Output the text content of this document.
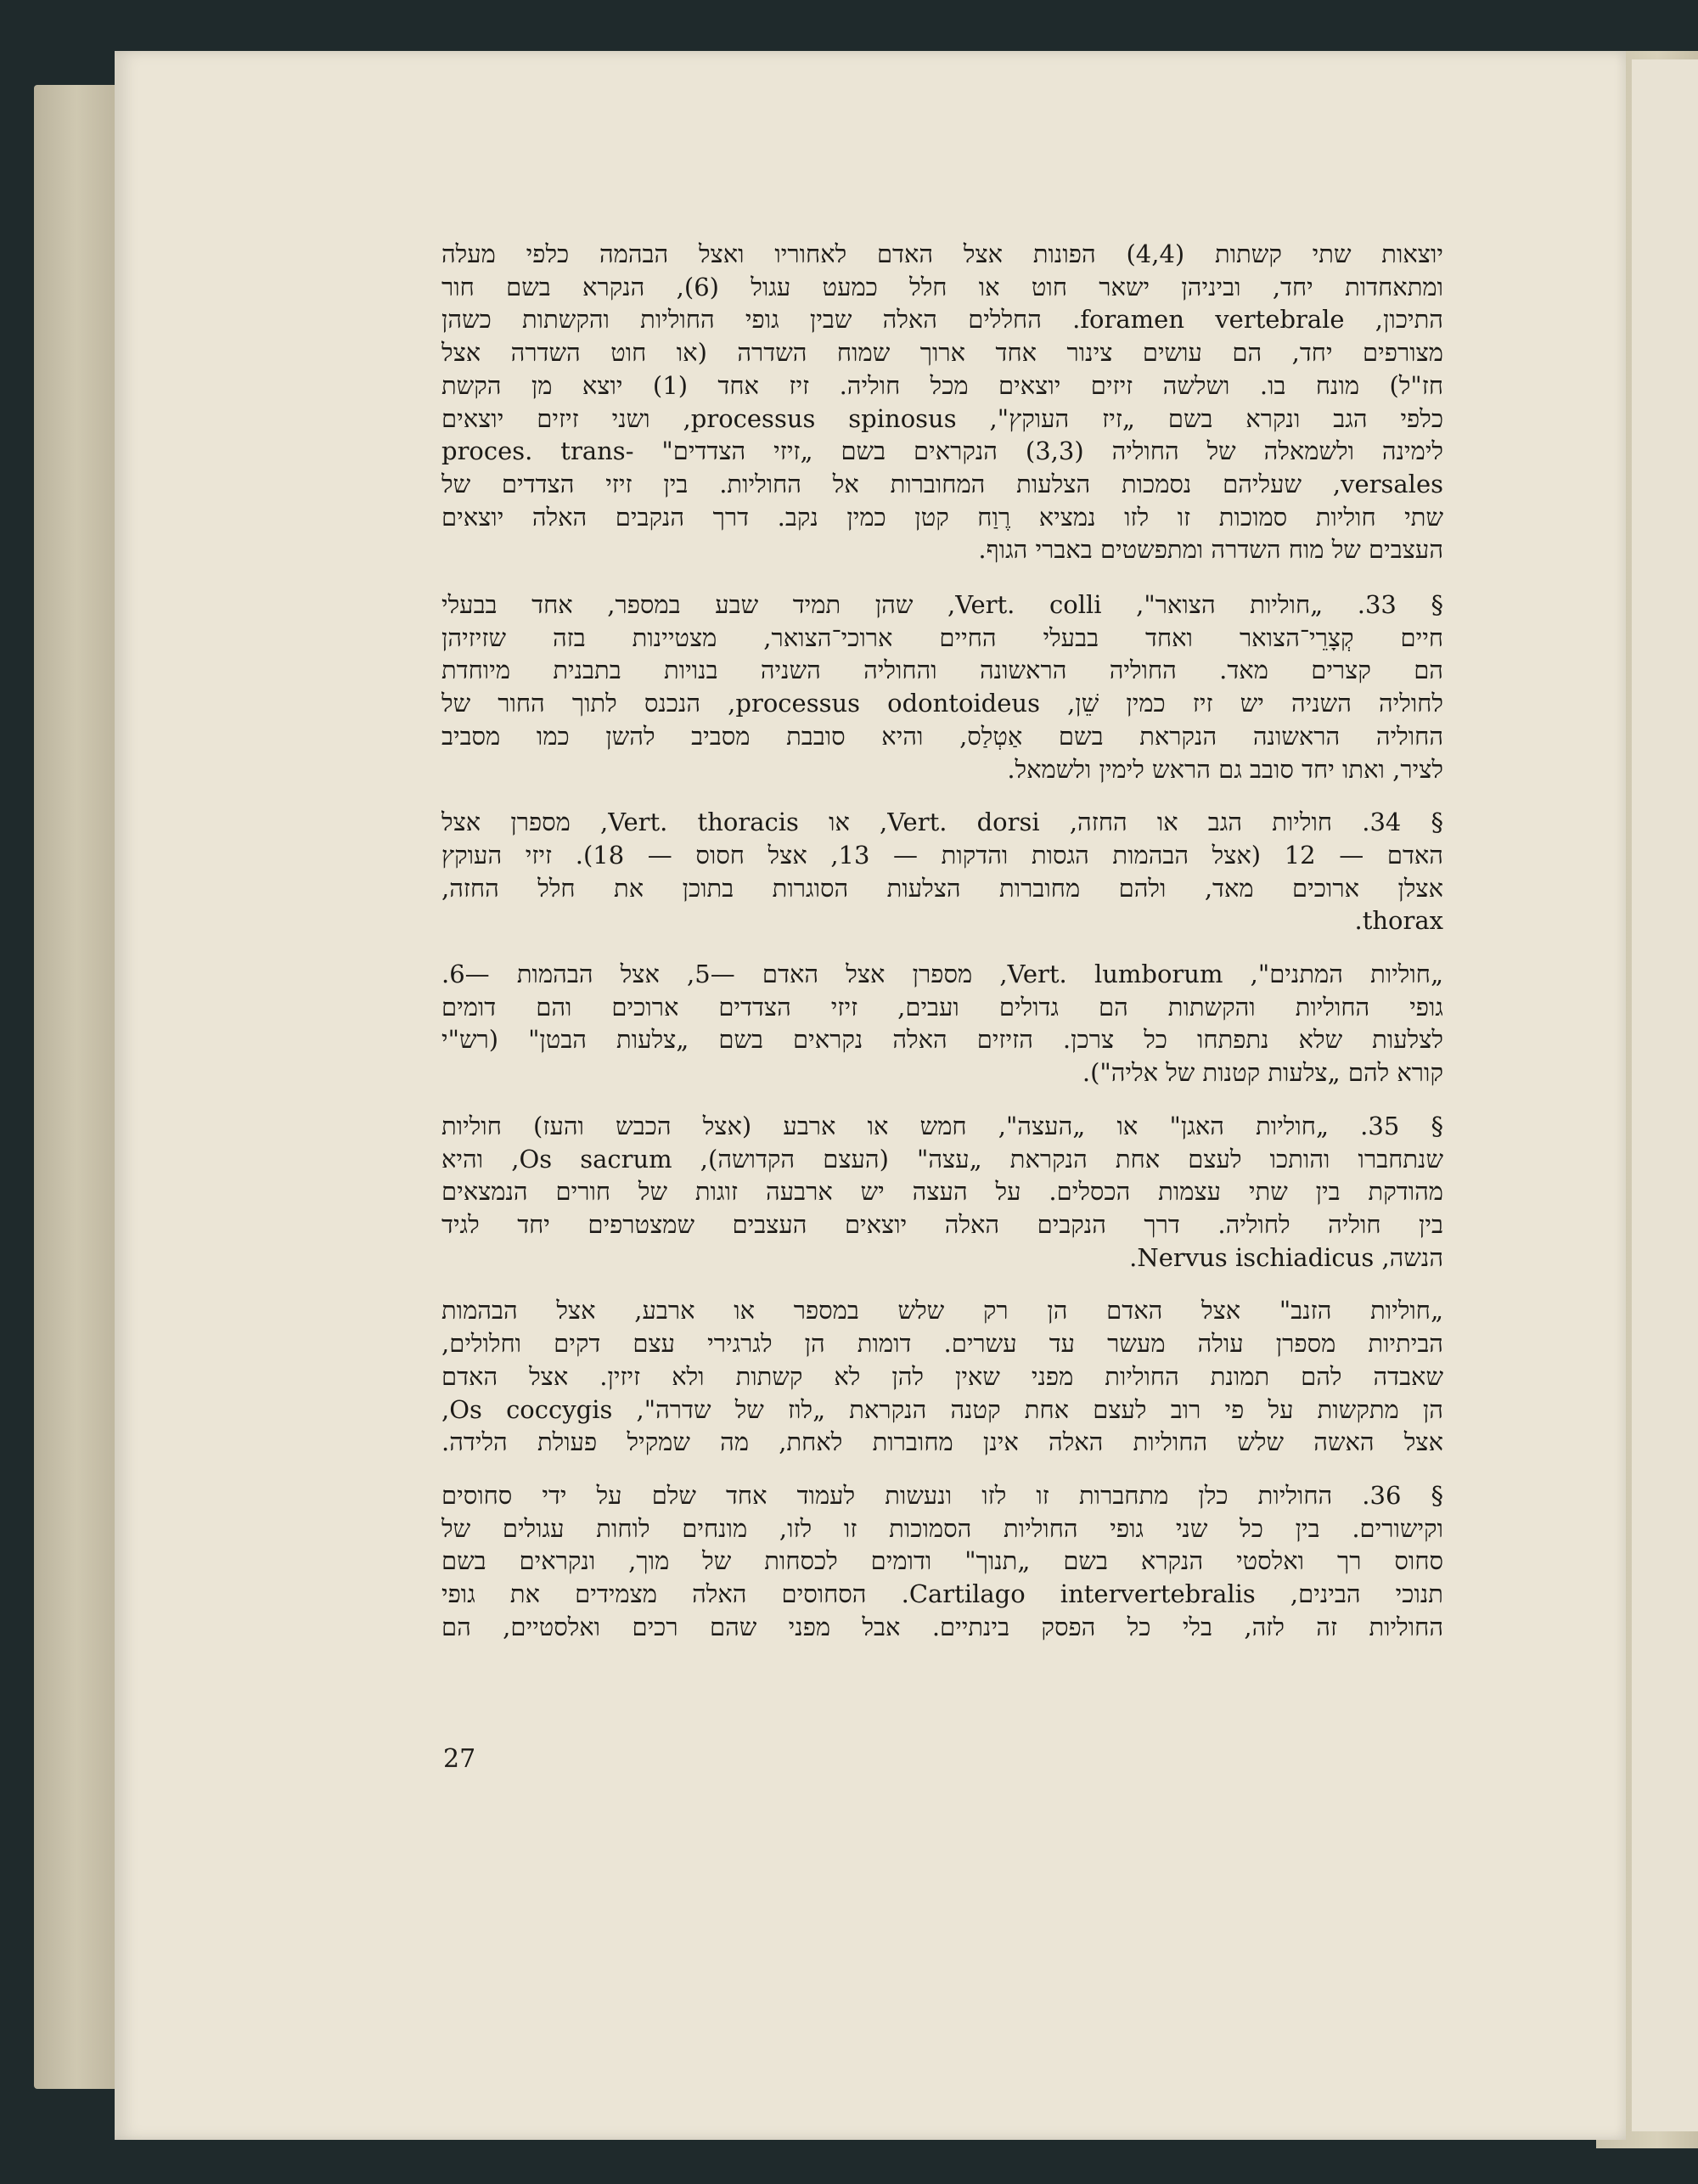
יוצאות שתי קשתות (4,4) הפונות אצל האדם לאחוריו ואצל הבהמה כלפי מעלה
ומתאחדות יחד, וביניהן ישאר חוט או חלל כמעט עגול (6), הנקרא בשם חור
התיכון, foramen vertebrale. החללים האלה שבין גופי החוליות והקשתות כשהן
מצורפים יחד, הם עושים צינור אחד ארוך שמוח השדרה (או חוט השדרה אצל
חז"ל) מונח בו. ושלשה זיזים יוצאים מכל חוליה. זיז אחד (1) יוצא מן הקשת
כלפי הגב ונקרא בשם „זיז העוקץ", processus spinosus, ושני זיזים יוצאים
לימינה ולשמאלה של החוליה (3,3) הנקראים בשם „זיזי הצדדים" -proces. trans
versales, שעליהם נסמכות הצלעות המחוברות אל החוליות. בין זיזי הצדדים של
שתי חוליות סמוכות זו לזו נמציא רֶוַח קטן כמין נקב. דרך הנקבים האלה יוצאים
העצבים של מוח השדרה ומתפשטים באברי הגוף.

§ 33. „חוליות הצואר", Vert. colli, שהן תמיד שבע במספר, אחד בבעלי
חיים קְצָרֵי־הצואר ואחד בבעלי החיים ארוכי־הצואר, מצטיינות בזה שזיזיהן
הם קצרים מאד. החוליה הראשונה והחוליה השניה בנויות בתבנית מיוחדת
לחוליה השניה יש זיז כמין שֵׁן, processus odontoideus, הנכנס לתוך החור של
החוליה הראשונה הנקראת בשם אַטְלַס, והיא סובבת מסביב להשן כמו מסביב
לציר, ואתו יחד סובב גם הראש לימין ולשמאל.

§ 34. חוליות הגב או החזה, Vert. dorsi, או Vert. thoracis, מספרן אצל
האדם — 12 (אצל הבהמות הגסות והדקות — 13, אצל חסוס — 18). זיזי העוקץ
אצלן ארוכים מאד, ולהם מחוברות הצלעות הסוגרות בתוכן את חלל החזה,
thorax.

„חוליות המתנים", Vert. lumborum, מספרן אצל האדם —5, אצל הבהמות —6.
גופי החוליות והקשתות הם גדולים ועבים, זיזי הצדדים ארוכים והם דומים
לצלעות שלא נתפתחו כל צרכן. הזיזים האלה נקראים בשם „צלעות הבטן" (רש"י
קורא להם „צלעות קטנות של אליה").

§ 35. „חוליות האגן" או „העצה", חמש או ארבע (אצל הכבש והעז) חוליות
שנתחברו והותכו לעצם אחת הנקראת „עצה" (העצם הקדושה), Os sacrum, והיא
מהודקת בין שתי עצמות הכסלים. על העצה יש ארבעה זוגות של חורים הנמצאים
בין חוליה לחוליה. דרך הנקבים האלה יוצאים העצבים שמצטרפים יחד לגיד
הנשה, Nervus ischiadicus.

„חוליות הזנב" אצל האדם הן רק שלש במספר או ארבע, אצל הבהמות
הביתיות מספרן עולה מעשר עד עשרים. דומות הן לגרגירי עצם דקים וחלולים,
שאבדה להם תמונת החוליות מפני שאין להן לא קשתות ולא זיזין. אצל האדם
הן מתקשות על פי רוב לעצם אחת קטנה הנקראת „לוז של שדרה", Os coccygis,
אצל האשה שלש החוליות האלה אינן מחוברות לאחת, מה שמקיל פעולת הלידה.

§ 36. החוליות כלן מתחברות זו לזו ונעשות לעמוד אחד שלם על ידי סחוסים
וקישורים. בין כל שני גופי החוליות הסמוכות זו לזו, מונחים לוחות עגולים של
סחוס רך ואלסטי הנקרא בשם „תנוך" ודומים לכסחות של מוך, ונקראים בשם
תנוכי הבינים, Cartilago intervertebralis. הסחוסים האלה מצמידים את גופי
החוליות זה לזה, בלי כל הפסק בינתיים. אבל מפני שהם רכים ואלסטיים, הם

27
